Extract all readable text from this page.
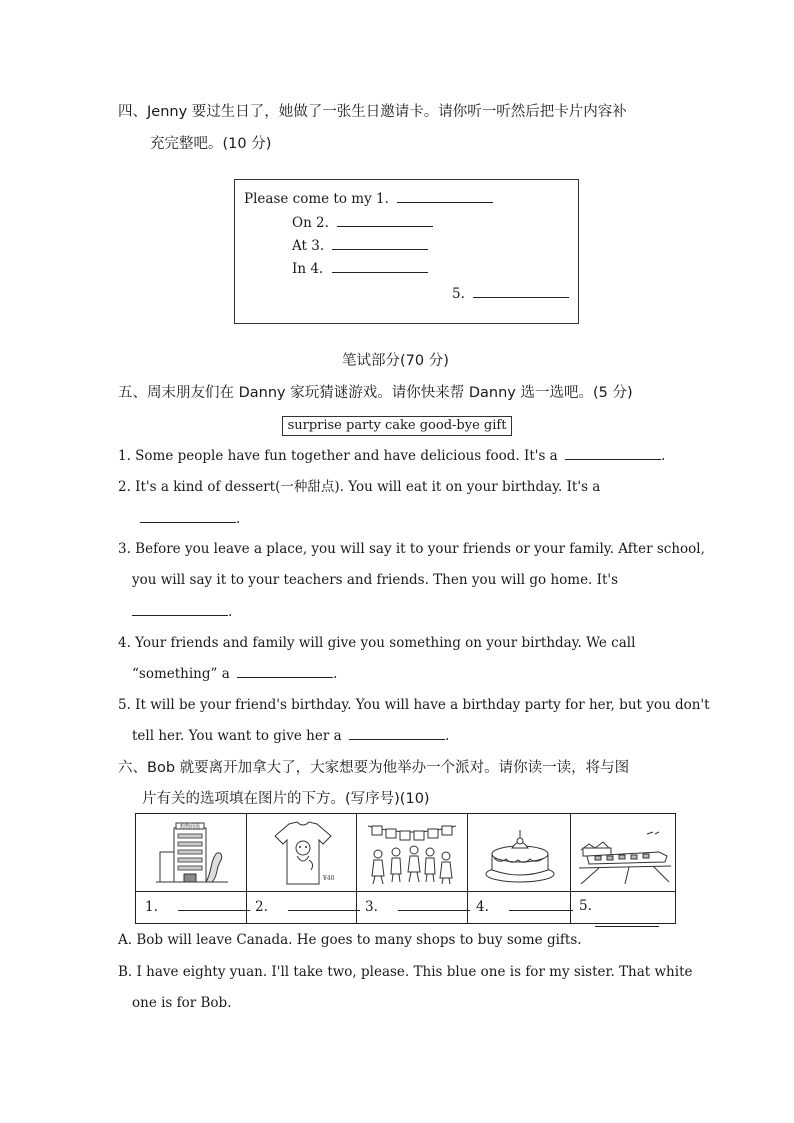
四、Jenny 要过生日了，她做了一张生日邀请卡。请你听一听然后把卡片内容补
充完整吧。(10 分)
Please come to my 1.
On 2.
At 3.
In 4.
5.
笔试部分(70 分)
五、周末朋友们在 Danny 家玩猜谜游戏。请你快来帮 Danny 选一选吧。(5 分)
surprise party cake good-bye gift
1. Some people have fun together and have delicious food. It's a	.
2. It's a kind of dessert(一种甜点). You will eat it on your birthday. It's a
.
3. Before you leave a place, you will say it to your friends or your family. After school,
you will say it to your teachers and friends. Then you will go home. It's
.
4. Your friends and family will give you something on your birthday. We call
“something” a	.
5. It will be your friend's birthday. You will have a birthday party for her, but you don't
tell her. You want to give her a	.
六、Bob 就要离开加拿大了，大家想要为他举办一个派对。请你读一读，将与图
片有关的选项填在图片的下方。(写序号)(10)
购物商场
¥40
1.	2.	3.	4.	5.
A. Bob will leave Canada. He goes to many shops to buy some gifts.
B. I have eighty yuan. I'll take two, please. This blue one is for my sister. That white
one is for Bob.
